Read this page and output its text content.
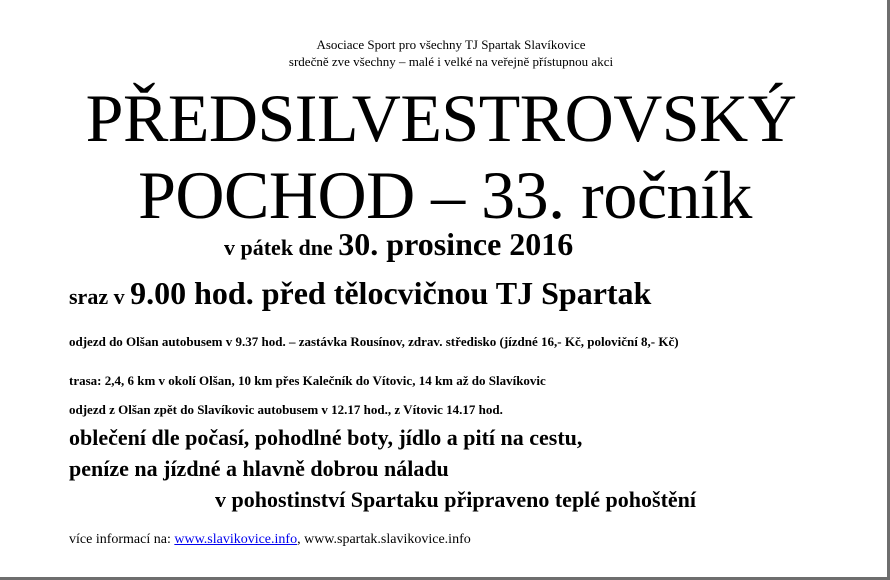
Asociace Sport pro všechny TJ Spartak Slavíkovice
srdečně zve všechny – malé i velké na veřejně přístupnou akci
PŘEDSILVESTROVSKÝ
POCHOD – 33. ročník
v pátek dne 30. prosince 2016
sraz v 9.00 hod. před tělocvičnou TJ Spartak
odjezd do Olšan autobusem v 9.37 hod. – zastávka Rousínov, zdrav. středisko (jízdné 16,- Kč, poloviční 8,- Kč)
trasa: 2,4, 6 km v okolí Olšan, 10 km přes Kalečník do Vítovic, 14 km až do Slavíkovic
odjezd z Olšan zpět do Slavíkovic autobusem v 12.17 hod., z Vítovic 14.17 hod.
oblečení dle počasí, pohodlné boty, jídlo a pití na cestu,
peníze na jízdné a hlavně dobrou náladu
v pohostinství Spartaku připraveno teplé pohoštění
více informací na: www.slavikovice.info, www.spartak.slavikovice.info
